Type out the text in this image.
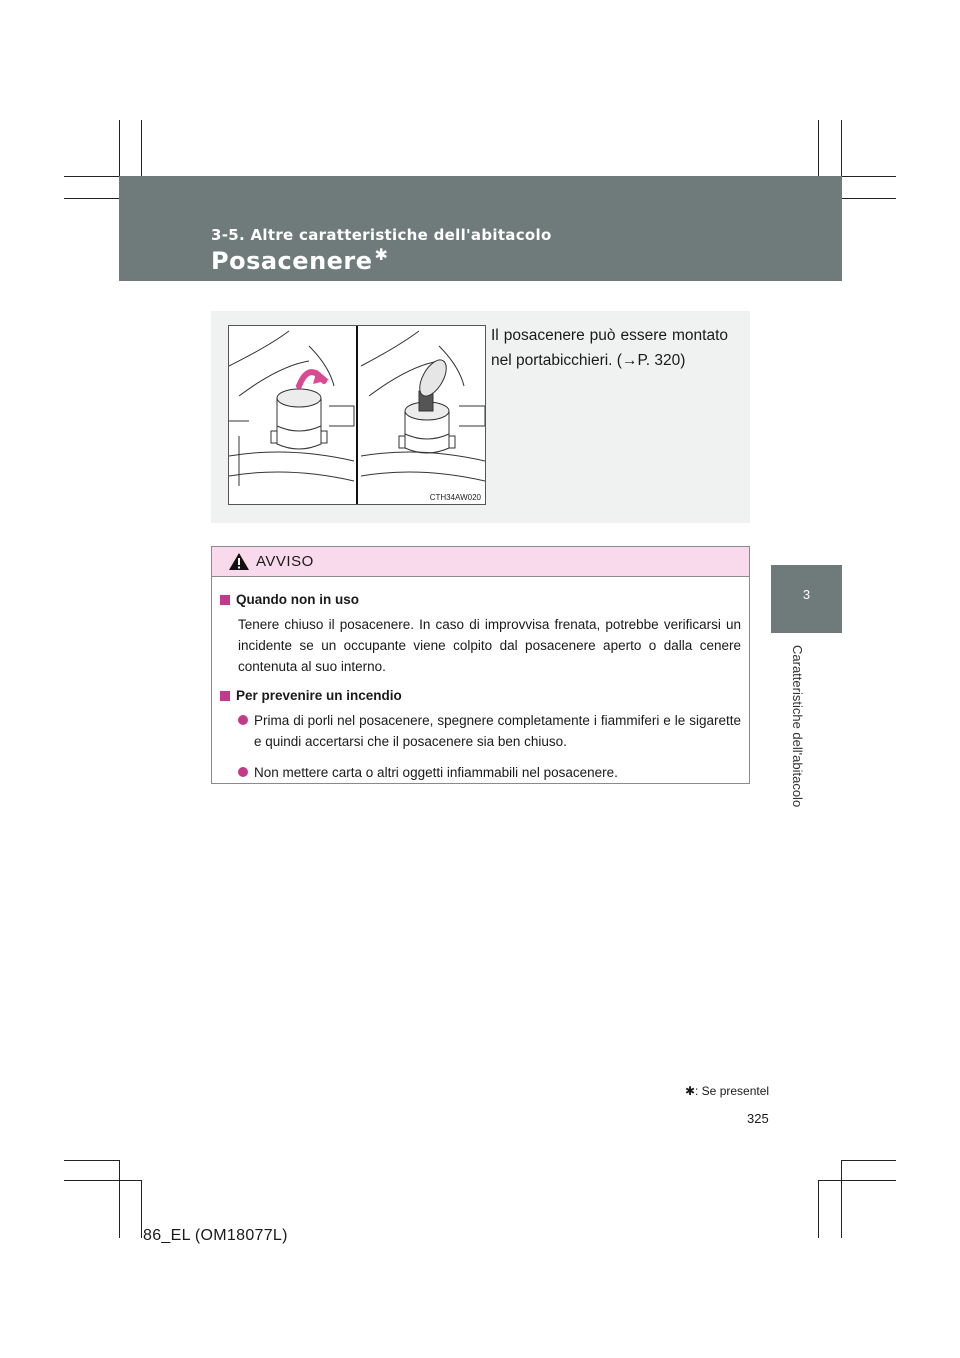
3-5. Altre caratteristiche dell'abitacolo
Posacenere ✱
3
Caratteristiche dell'abitacolo
CTH34AW020
Il posacenere può essere montato nel portabicchieri. (→P. 320)
AVVISO
Quando non in uso
Tenere chiuso il posacenere. In caso di improvvisa frenata, potrebbe verificarsi un incidente se un occupante viene colpito dal posacenere aperto o dalla cenere contenuta al suo interno.
Per prevenire un incendio
Prima di porli nel posacenere, spegnere completamente i fiammiferi e le sigarette e quindi accertarsi che il posacenere sia ben chiuso.
Non mettere carta o altri oggetti infiammabili nel posacenere.
✱: Se presentel
325
86_EL (OM18077L)
